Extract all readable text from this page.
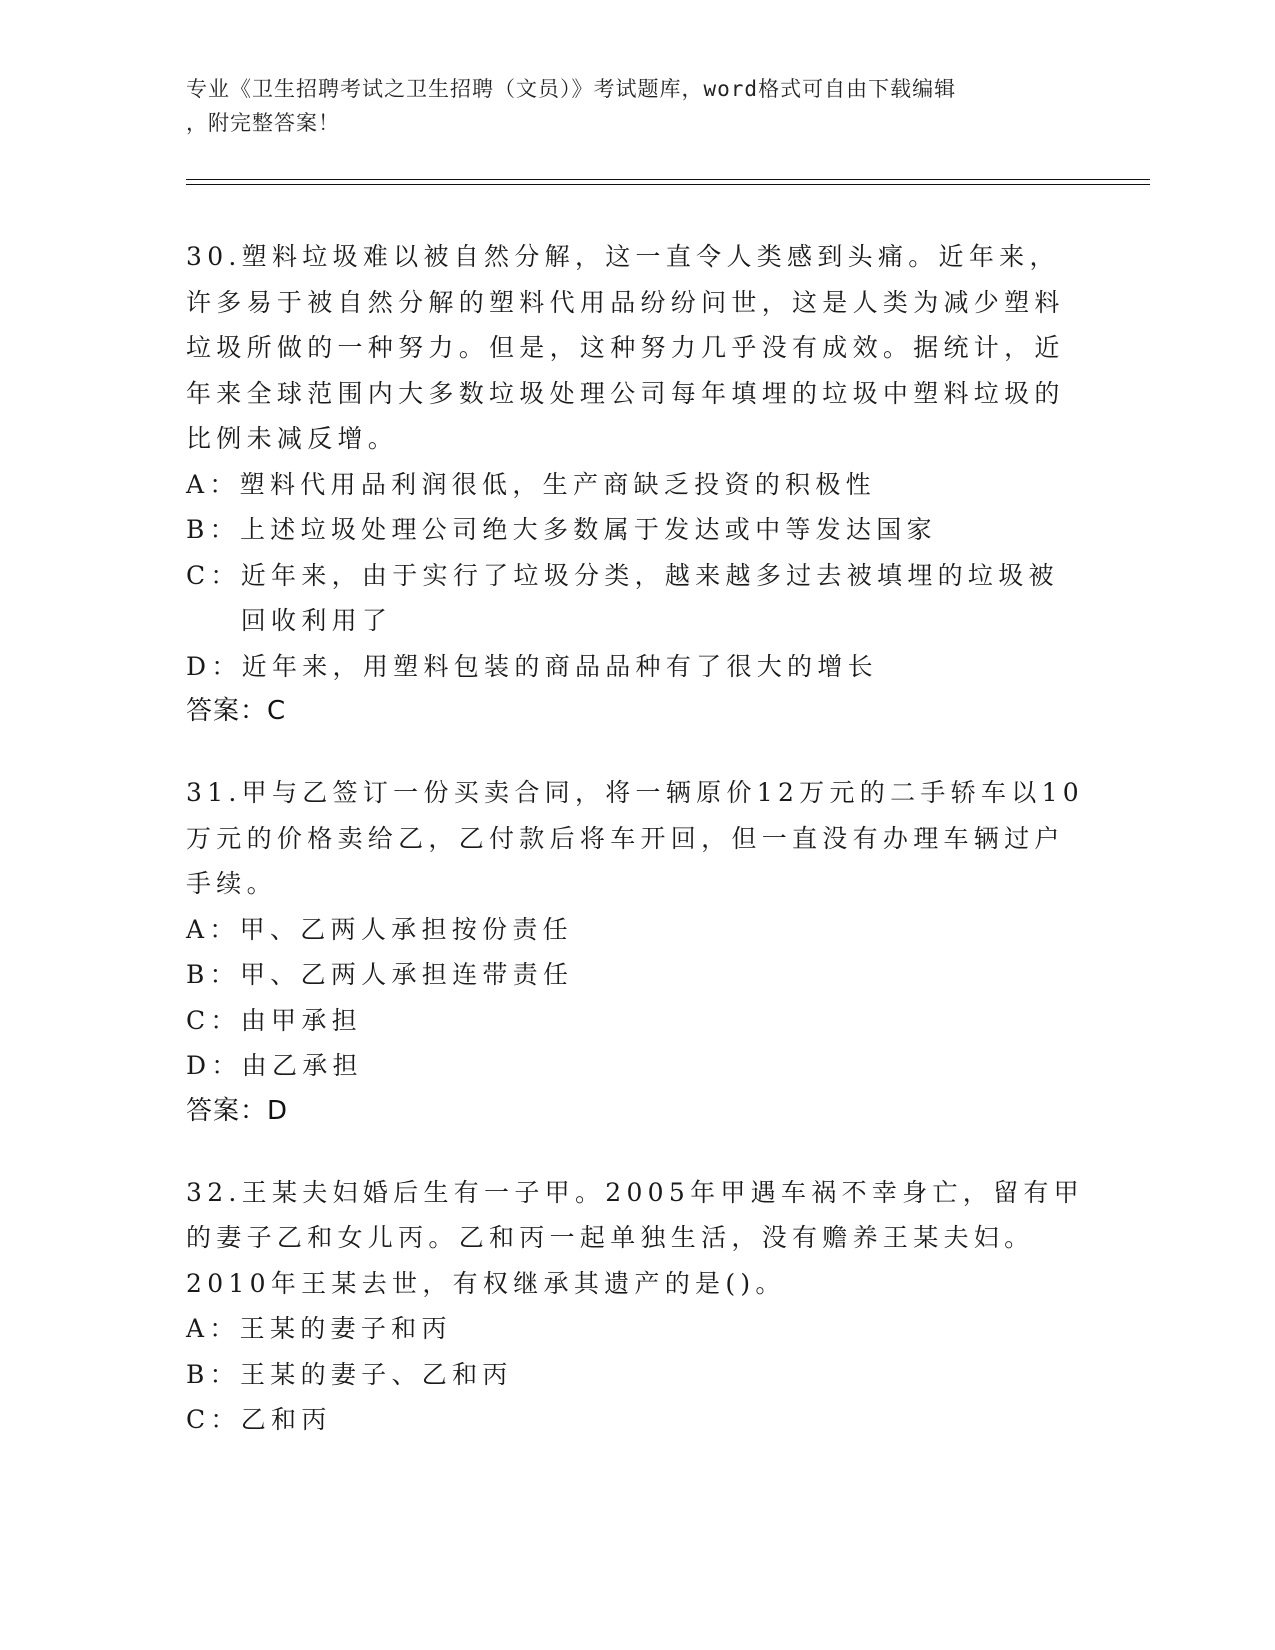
专业《卫生招聘考试之卫生招聘（文员）》考试题库，word格式可自由下载编辑
，附完整答案！
30.塑料垃圾难以被自然分解，这一直令人类感到头痛。近年来，许多易于被自然分解的塑料代用品纷纷问世，这是人类为减少塑料垃圾所做的一种努力。但是，这种努力几乎没有成效。据统计，近年来全球范围内大多数垃圾处理公司每年填埋的垃圾中塑料垃圾的比例未减反增。
A： 塑料代用品利润很低，生产商缺乏投资的积极性
B： 上述垃圾处理公司绝大多数属于发达或中等发达国家
C： 近年来，由于实行了垃圾分类，越来越多过去被填埋的垃圾被回收利用了
D： 近年来，用塑料包装的商品品种有了很大的增长
答案：C
31.甲与乙签订一份买卖合同，将一辆原价12万元的二手轿车以10万元的价格卖给乙，乙付款后将车开回，但一直没有办理车辆过户手续。
A： 甲、乙两人承担按份责任
B： 甲、乙两人承担连带责任
C： 由甲承担
D： 由乙承担
答案：D
32.王某夫妇婚后生有一子甲。2005年甲遇车祸不幸身亡，留有甲的妻子乙和女儿丙。乙和丙一起单独生活，没有赡养王某夫妇。2010年王某去世，有权继承其遗产的是()。
A： 王某的妻子和丙
B： 王某的妻子、乙和丙
C： 乙和丙
